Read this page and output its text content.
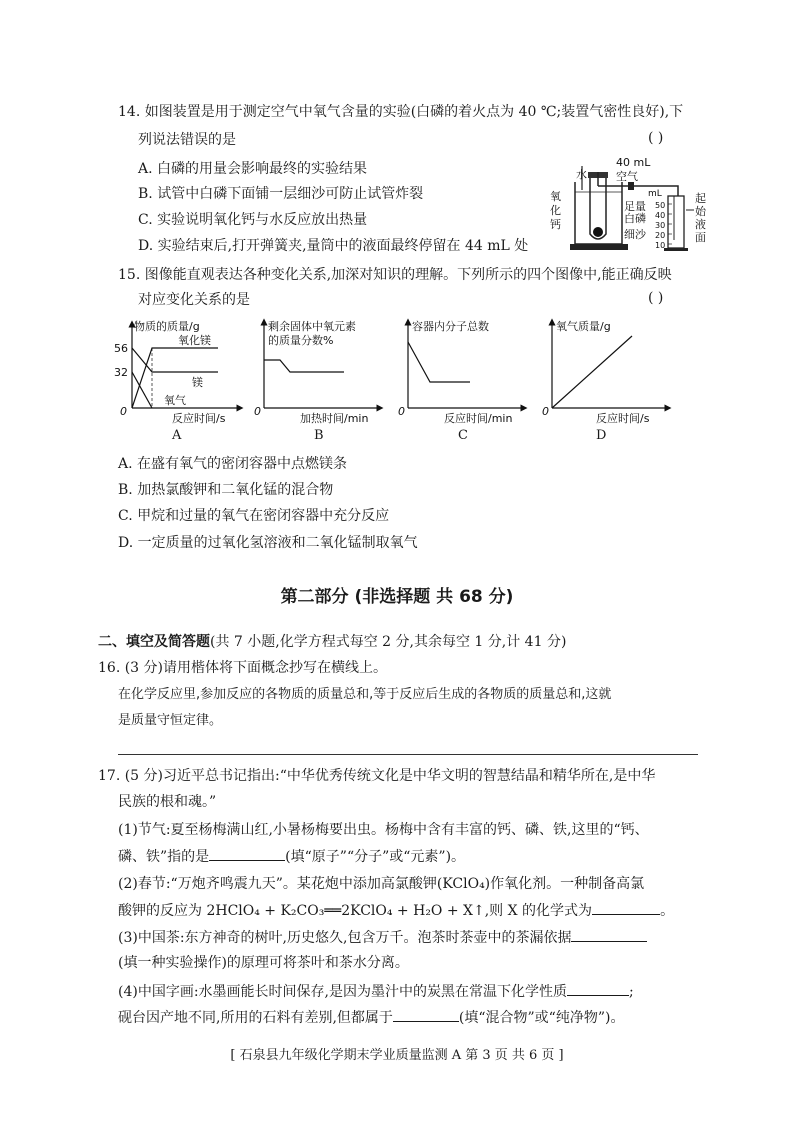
14. 如图装置是用于测定空气中氧气含量的实验(白磷的着火点为 40 ℃;装置气密性良好),下
列说法错误的是	( )
A. 白磷的用量会影响最终的实验结果
B. 试管中白磷下面铺一层细沙可防止试管炸裂
C. 实验说明氧化钙与水反应放出热量
D. 实验结束后,打开弹簧夹,量筒中的液面最终停留在 44 mL 处
水
40 mL
空气
氧
化
钙
足量
白磷
细沙
mL
50
40
30
20
10
起
始
液
面
15. 图像能直观表达各种变化关系,加深对知识的理解。下列所示的四个图像中,能正确反映
对应变化关系的是	( )
物质的质量/g
56
32
0
氧化镁
镁
氧气
反应时间/s
A
剩余固体中氧元素
的质量分数%
0
加热时间/min
B
容器内分子总数
0
反应时间/min
C
氧气质量/g
0
反应时间/s
D
A. 在盛有氧气的密闭容器中点燃镁条
B. 加热氯酸钾和二氧化锰的混合物
C. 甲烷和过量的氧气在密闭容器中充分反应
D. 一定质量的过氧化氢溶液和二氧化锰制取氧气
第二部分 (非选择题 共 68 分)
二、填空及简答题(共 7 小题,化学方程式每空 2 分,其余每空 1 分,计 41 分)
16. (3 分)请用楷体将下面概念抄写在横线上。
在化学反应里,参加反应的各物质的质量总和,等于反应后生成的各物质的质量总和,这就
是质量守恒定律。
17. (5 分)习近平总书记指出:“中华优秀传统文化是中华文明的智慧结晶和精华所在,是中华
民族的根和魂。”
(1)节气:夏至杨梅满山红,小暑杨梅要出虫。杨梅中含有丰富的钙、磷、铁,这里的“钙、
磷、铁”指的是	(填“原子”“分子”或“元素”)。
(2)春节:“万炮齐鸣震九天”。某花炮中添加高氯酸钾(KClO₄)作氧化剂。一种制备高氯
酸钾的反应为 2HClO₄ + K₂CO₃══2KClO₄ + H₂O + X↑,则 X 的化学式为	。
(3)中国茶:东方神奇的树叶,历史悠久,包含万千。泡茶时茶壶中的茶漏依据
(填一种实验操作)的原理可将茶叶和茶水分离。
(4)中国字画:水墨画能长时间保存,是因为墨汁中的炭黑在常温下化学性质	;
砚台因产地不同,所用的石料有差别,但都属于	(填“混合物”或“纯净物”)。
[ 石泉县九年级化学期末学业质量监测 A 第 3 页 共 6 页 ]
